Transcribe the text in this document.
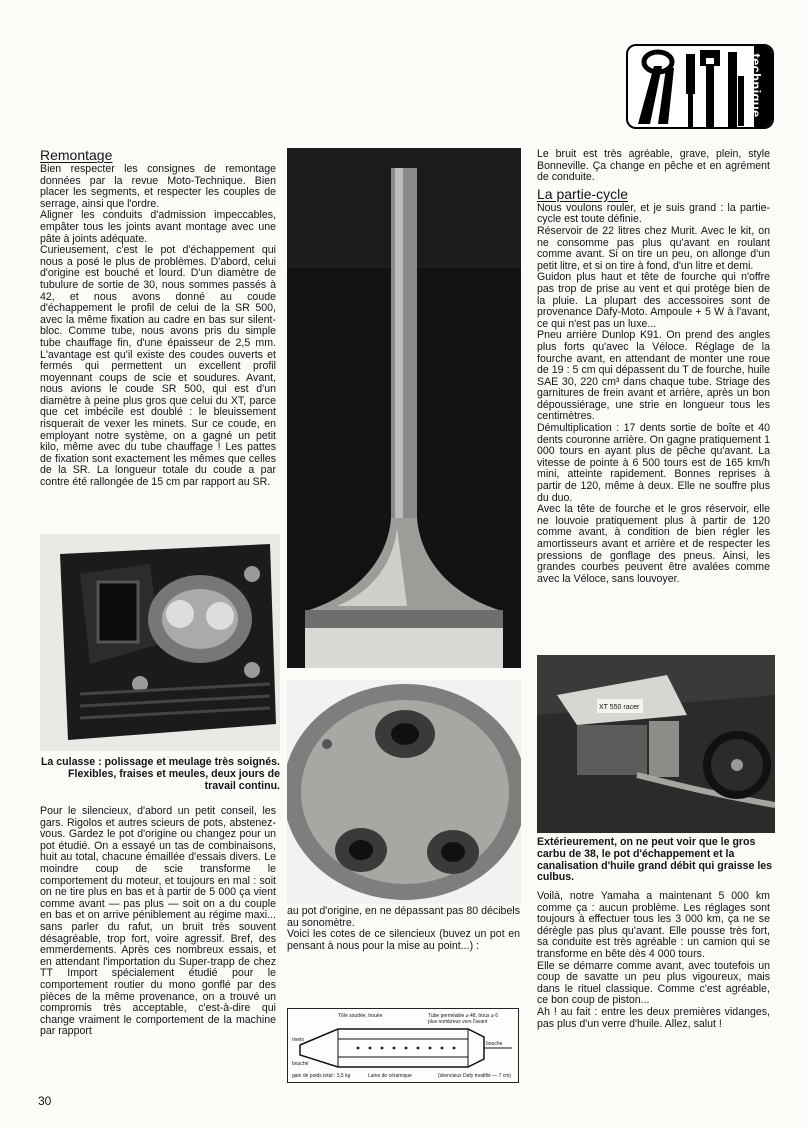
technique
Remontage

Bien respecter les consignes de remontage données par la revue Moto-Technique. Bien placer les segments, et respecter les couples de serrage, ainsi que l'ordre.

Aligner les conduits d'admission impeccables, empâter tous les joints avant montage avec une pâte à joints adéquate.

Curieusement, c'est le pot d'échappement qui nous a posé le plus de problèmes. D'abord, celui d'origine est bouché et lourd. D'un diamètre de tubulure de sortie de 30, nous sommes passés à 42, et nous avons donné au coude d'échappement le profil de celui de la SR 500, avec la même fixation au cadre en bas sur silent-bloc. Comme tube, nous avons pris du simple tube chauffage fin, d'une épaisseur de 2,5 mm. L'avantage est qu'il existe des coudes ouverts et fermés qui permettent un excellent profil moyennant coups de scie et soudures. Avant, nous avions le coude SR 500, qui est d'un diamètre à peine plus gros que celui du XT, parce que cet imbécile est doublé : le bleuissement risquerait de vexer les minets. Sur ce coude, en employant notre système, on a gagné un petit kilo, même avec du tube chauffage ! Les pattes de fixation sont exactement les mêmes que celles de la SR. La longueur totale du coude a par contre été rallongée de 15 cm par rapport au SR.

La culasse : polissage et meulage très soignés. Flexibles, fraises et meules, deux jours de travail continu.

Pour le silencieux, d'abord un petit conseil, les gars. Rigolos et autres scieurs de pots, abstenez-vous. Gardez le pot d'origine ou changez pour un pot étudié. On a essayé un tas de combinaisons, huit au total, chacune émaillée d'essais divers. Le moindre coup de scie transforme le comportement du moteur, et toujours en mal : soit on ne tire plus en bas et à partir de 5 000 ça vient comme avant — pas plus — soit on a du couple en bas et on arrive péniblement au régime maxi... sans parler du rafut, un bruit très souvent désagréable, trop fort, voire agressif. Bref, des emmerdements. Après ces nombreux essais, et en attendant l'importation du Super-trapp de chez TT Import spécialement étudié pour le comportement routier du mono gonflé par des pièces de la même provenance, on a trouvé un compromis très acceptable, c'est-à-dire qui change vraiment le comportement de la machine par rapport

au pot d'origine, en ne dépassant pas 80 décibels au sonomètre.

Voici les cotes de ce silencieux (buvez un pot en pensant à nous pour la mise au point...) :

Tôle soudée, trouée	Tube perméable ⌀ 48, trous ⌀ 6 plus nombreux vers l'avant
rivets
bouché
bouche
gain de poids total : 3,5 kg	Laine de céramique	(silencieux Dafy modifié — 7 cm)

Le bruit est très agréable, grave, plein, style Bonneville. Ça change en pêche et en agrément de conduite.

La partie-cycle

Nous voulons rouler, et je suis grand : la partie-cycle est toute définie.

Réservoir de 22 litres chez Murit. Avec le kit, on ne consomme pas plus qu'avant en roulant comme avant. Si on tire un peu, on allonge d'un petit litre, et si on tire à fond, d'un litre et demi.

Guidon plus haut et tête de fourche qui n'offre pas trop de prise au vent et qui protège bien de la pluie. La plupart des accessoires sont de provenance Dafy-Moto. Ampoule + 5 W à l'avant, ce qui n'est pas un luxe...

Pneu arrière Dunlop K91. On prend des angles plus forts qu'avec la Véloce. Réglage de la fourche avant, en attendant de monter une roue de 19 : 5 cm qui dépassent du T de fourche, huile SAE 30, 220 cm³ dans chaque tube. Striage des garnitures de frein avant et arrière, après un bon dépoussiérage, une strie en longueur tous les centimètres.

Démultiplication : 17 dents sortie de boîte et 40 dents couronne arrière. On gagne pratiquement 1 000 tours en ayant plus de pêche qu'avant. La vitesse de pointe à 6 500 tours est de 165 km/h mini, atteinte rapidement. Bonnes reprises à partir de 120, même à deux. Elle ne souffre plus du duo.

Avec la tête de fourche et le gros réservoir, elle ne louvoie pratiquement plus à partir de 120 comme avant, à condition de bien régler les amortisseurs avant et arrière et de respecter les pressions de gonflage des pneus. Ainsi, les grandes courbes peuvent être avalées comme avec la Véloce, sans louvoyer.

XT 550 racer
Extérieurement, on ne peut voir que le gros carbu de 38, le pot d'échappement et la canalisation d'huile grand débit qui graisse les culbus.

Voilà, notre Yamaha a maintenant 5 000 km comme ça : aucun problème. Les réglages sont toujours à effectuer tous les 3 000 km, ça ne se dérègle pas plus qu'avant. Elle pousse très fort, sa conduite est très agréable : un camion qui se transforme en bête dès 4 000 tours.

Elle se démarre comme avant, avec toutefois un coup de savatte un peu plus vigoureux, mais dans le rituel classique. Comme c'est agréable, ce bon coup de piston...

Ah ! au fait : entre les deux premières vidanges, pas plus d'un verre d'huile. Allez, salut !

30
